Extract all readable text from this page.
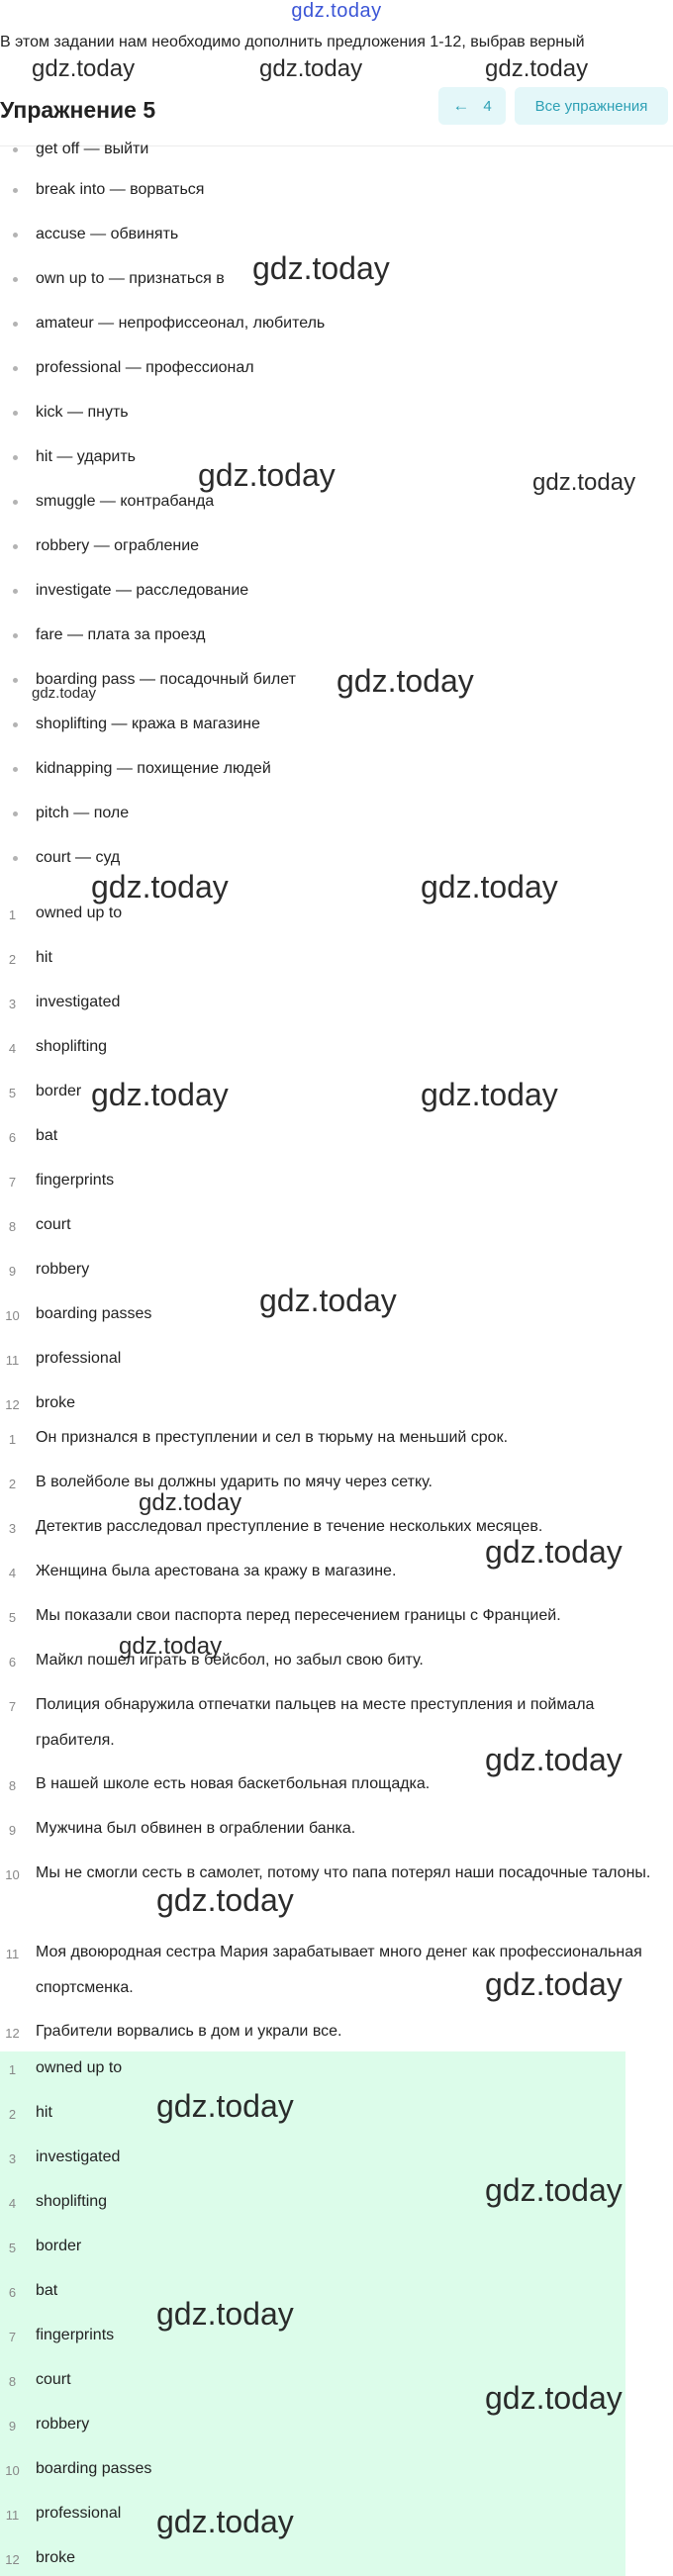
gdz.today
В этом задании нам необходимо дополнить предложения 1-12, выбрав верный
Упражнение 5	← 4	Все упражнения
get off — выйти
break into — ворваться
accuse — обвинять
own up to — признаться в
amateur — непрофиссеонал, любитель
professional — профессионал
kick — пнуть
hit — ударить
smuggle — контрабанда
robbery — ограбление
investigate — расследование
fare — плата за проезд
boarding pass — посадочный билет
shoplifting — кража в магазине
kidnapping — похищение людей
pitch — поле
court — суд
1	owned up to
2	hit
3	investigated
4	shoplifting
5	border
6	bat
7	fingerprints
8	court
9	robbery
10	boarding passes
11	professional
12	broke
1	Он признался в преступлении и сел в тюрьму на меньший срок.
2	В волейболе вы должны ударить по мячу через сетку.
3	Детектив расследовал преступление в течение нескольких месяцев.
4	Женщина была арестована за кражу в магазине.
5	Мы показали свои паспорта перед пересечением границы с Францией.
6	Майкл пошел играть в бейсбол, но забыл свою биту.
7	Полиция обнаружила отпечатки пальцев на месте преступления и поймала грабителя.
8	В нашей школе есть новая баскетбольная площадка.
9	Мужчина был обвинен в ограблении банка.
10	Мы не смогли сесть в самолет, потому что папа потерял наши посадочные талоны.
11	Моя двоюродная сестра Мария зарабатывает много денег как профессиональная спортсменка.
12	Грабители ворвались в дом и украли все.
1	owned up to
2	hit
3	investigated
4	shoplifting
5	border
6	bat
7	fingerprints
8	court
9	robbery
10	boarding passes
11	professional
12	broke
gdz.today	gdz.today	gdz.today
gdz.today
gdz.today	gdz.today
gdz.today
gdz.today
gdz.today	gdz.today
gdz.today	gdz.today
gdz.today
gdz.today
gdz.today
gdz.today
gdz.today
gdz.today
gdz.today
gdz.today
gdz.today
gdz.today
gdz.today
gdz.today
